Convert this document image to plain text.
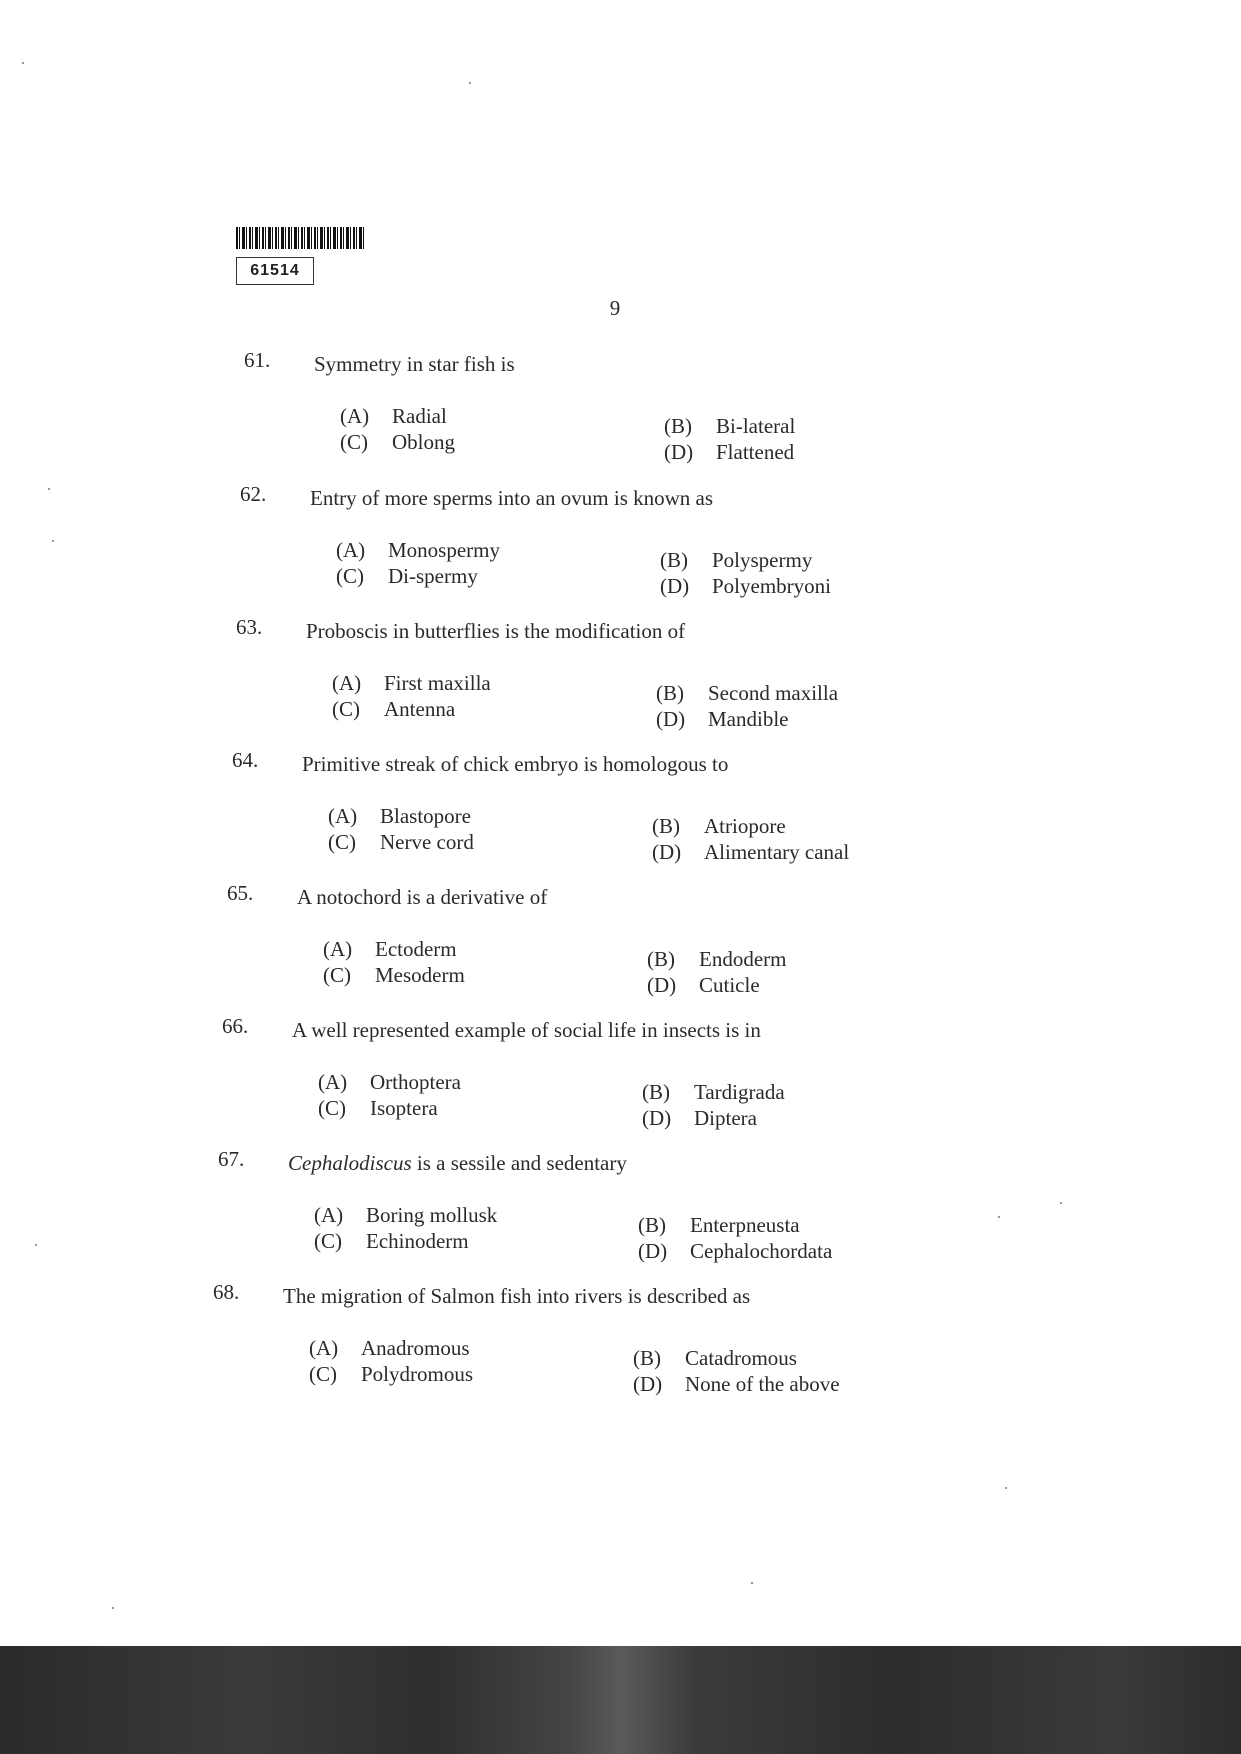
61514
9
61. Symmetry in star fish is
(A) Radial
(C) Oblong
(B) Bi-lateral
(D) Flattened
62. Entry of more sperms into an ovum is known as
(A) Monospermy
(C) Di-spermy
(B) Polyspermy
(D) Polyembryoni
63. Proboscis in butterflies is the modification of
(A) First maxilla
(C) Antenna
(B) Second maxilla
(D) Mandible
64. Primitive streak of chick embryo is homologous to
(A) Blastopore
(C) Nerve cord
(B) Atriopore
(D) Alimentary canal
65. A notochord is a derivative of
(A) Ectoderm
(C) Mesoderm
(B) Endoderm
(D) Cuticle
66. A well represented example of social life in insects is in
(A) Orthoptera
(C) Isoptera
(B) Tardigrada
(D) Diptera
67. Cephalodiscus is a sessile and sedentary
(A) Boring mollusk
(C) Echinoderm
(B) Enterpneusta
(D) Cephalochordata
68. The migration of Salmon fish into rivers is described as
(A) Anadromous
(C) Polydromous
(B) Catadromous
(D) None of the above
